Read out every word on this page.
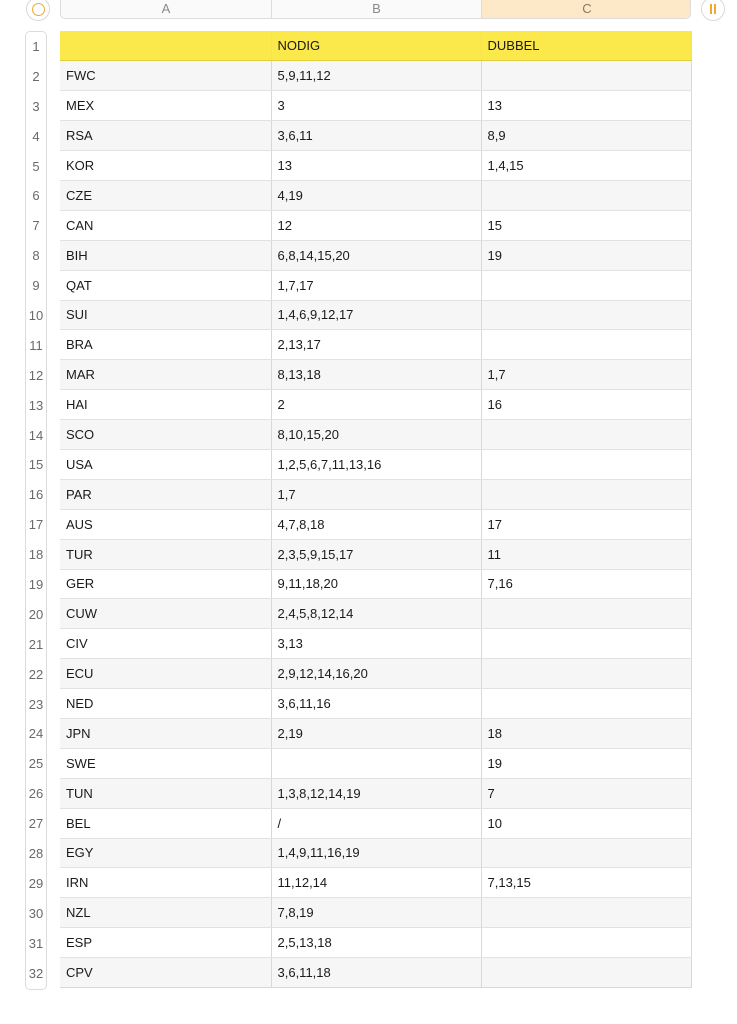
A	B	C
1
2
3
4
5
6
7
8
9
10
11
12
13
14
15
16
17
18
19
20
21
22
23
24
25
26
27
28
29
30
31
32
	NODIG	DUBBEL
FWC	5,9,11,12	
MEX	3	13
RSA	3,6,11	8,9
KOR	13	1,4,15
CZE	4,19	
CAN	12	15
BIH	6,8,14,15,20	19
QAT	1,7,17	
SUI	1,4,6,9,12,17	
BRA	2,13,17	
MAR	8,13,18	1,7
HAI	2	16
SCO	8,10,15,20	
USA	1,2,5,6,7,11,13,16	
PAR	1,7	
AUS	4,7,8,18	17
TUR	2,3,5,9,15,17	11
GER	9,11,18,20	7,16
CUW	2,4,5,8,12,14	
CIV	3,13	
ECU	2,9,12,14,16,20	
NED	3,6,11,16	
JPN	2,19	18
SWE		19
TUN	1,3,8,12,14,19	7
BEL	/	10
EGY	1,4,9,11,16,19	
IRN	11,12,14	7,13,15
NZL	7,8,19	
ESP	2,5,13,18	
CPV	3,6,11,18	
